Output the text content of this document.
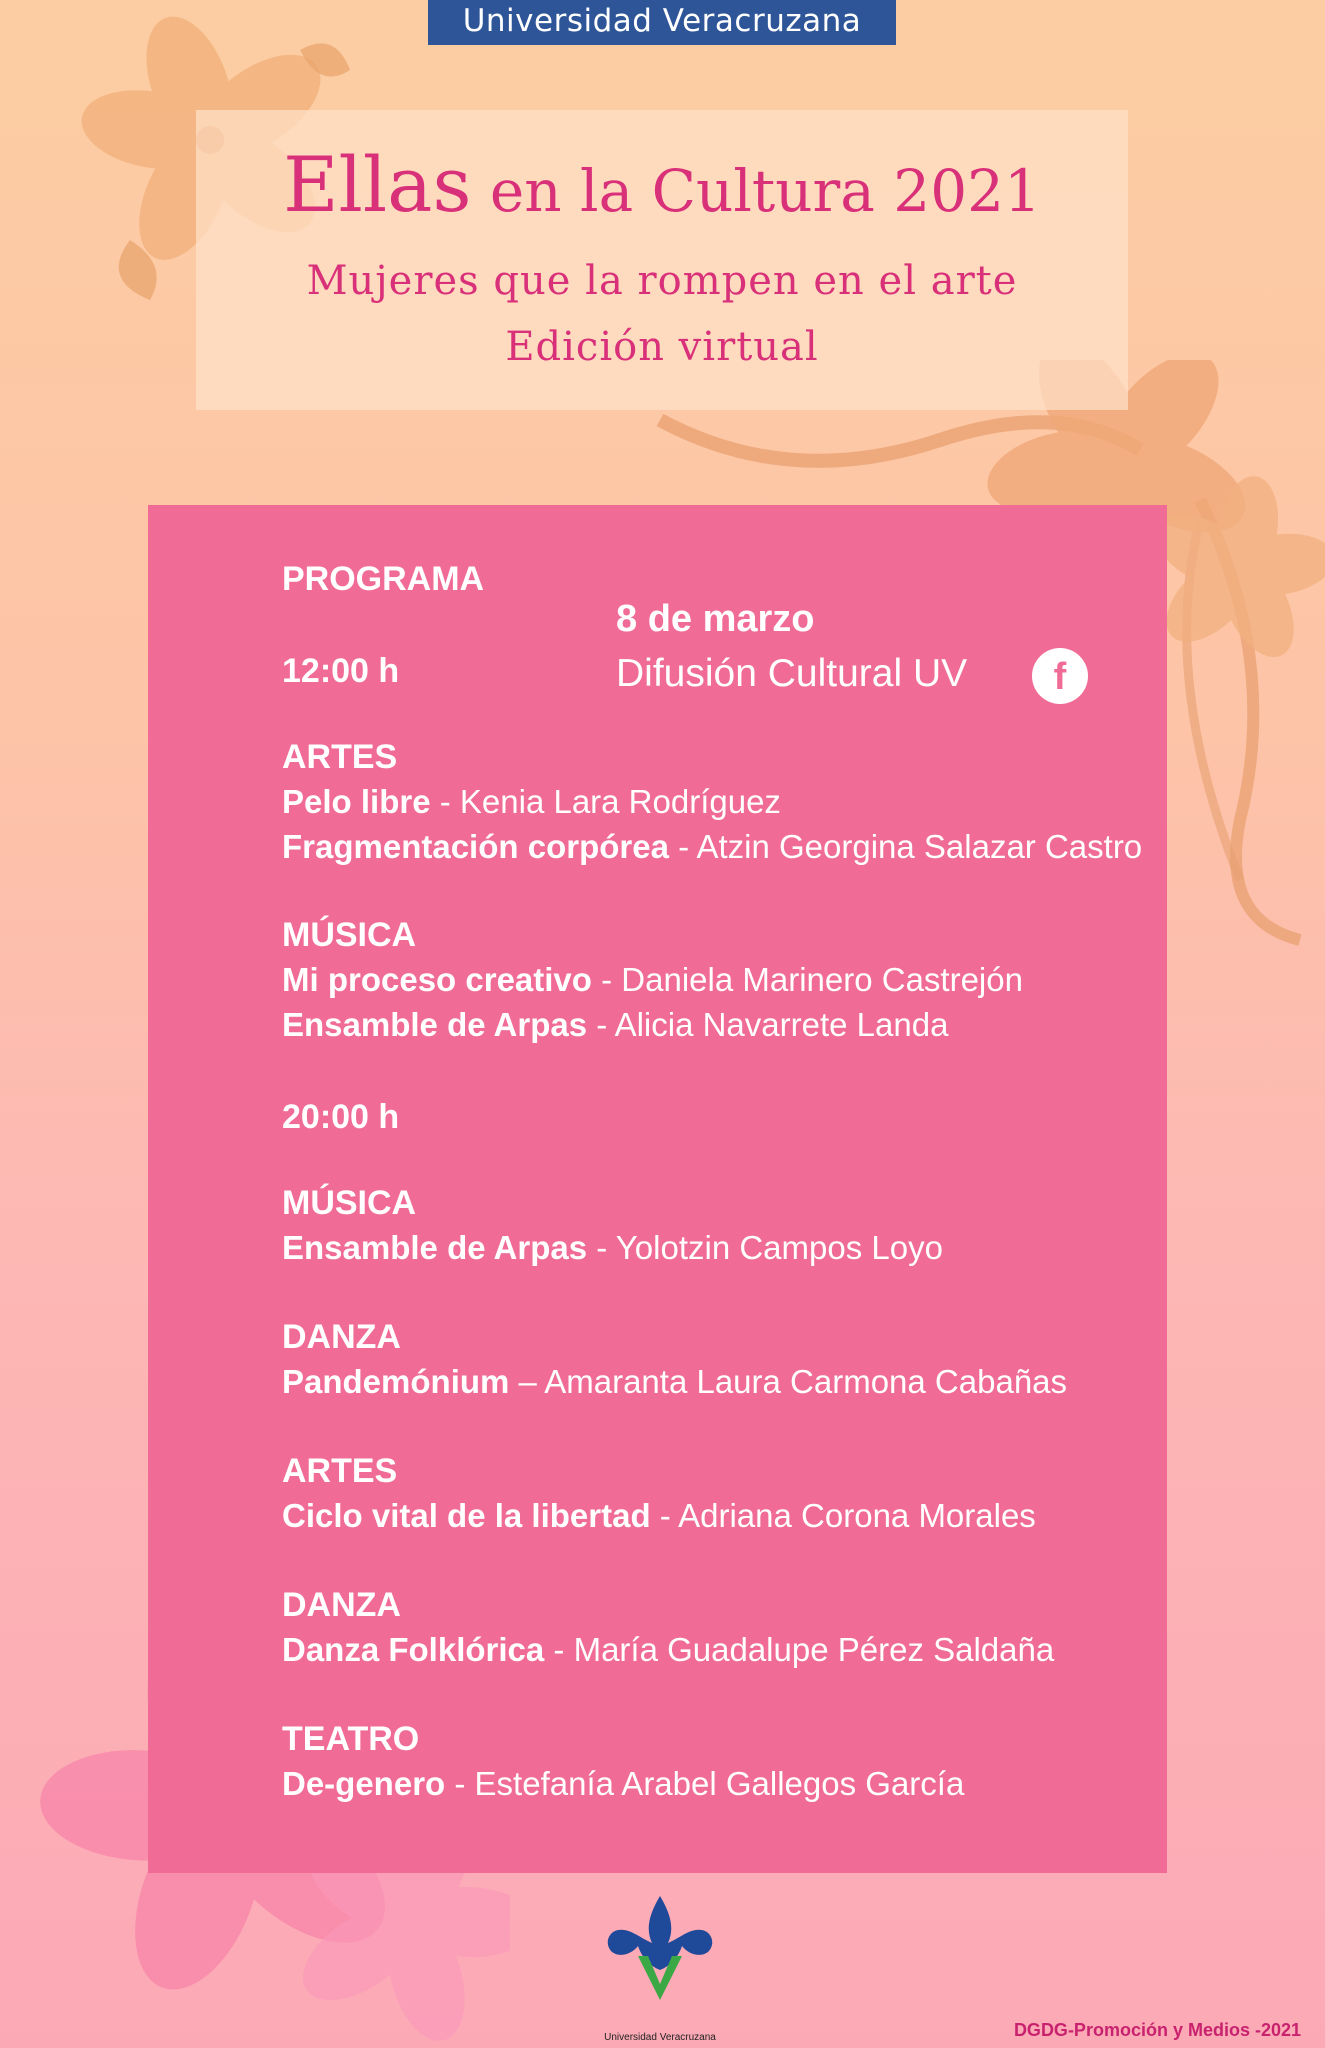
Universidad Veracruzana
Ellas en la Cultura 2021
Mujeres que la rompen en el arte
Edición virtual
PROGRAMA
8 de marzo
Difusión Cultural UV	f
12:00 h
ARTES
Pelo libre - Kenia Lara Rodríguez
Fragmentación corpórea - Atzin Georgina Salazar Castro
MÚSICA
Mi proceso creativo - Daniela Marinero Castrejón
Ensamble de Arpas - Alicia Navarrete Landa
20:00 h
MÚSICA
Ensamble de Arpas - Yolotzin Campos Loyo
DANZA
Pandemónium – Amaranta Laura Carmona Cabañas
ARTES
Ciclo vital de la libertad - Adriana Corona Morales
DANZA
Danza Folklórica - María Guadalupe Pérez Saldaña
TEATRO
De-genero - Estefanía Arabel Gallegos García
Universidad Veracruzana	DGDG-Promoción y Medios -2021
